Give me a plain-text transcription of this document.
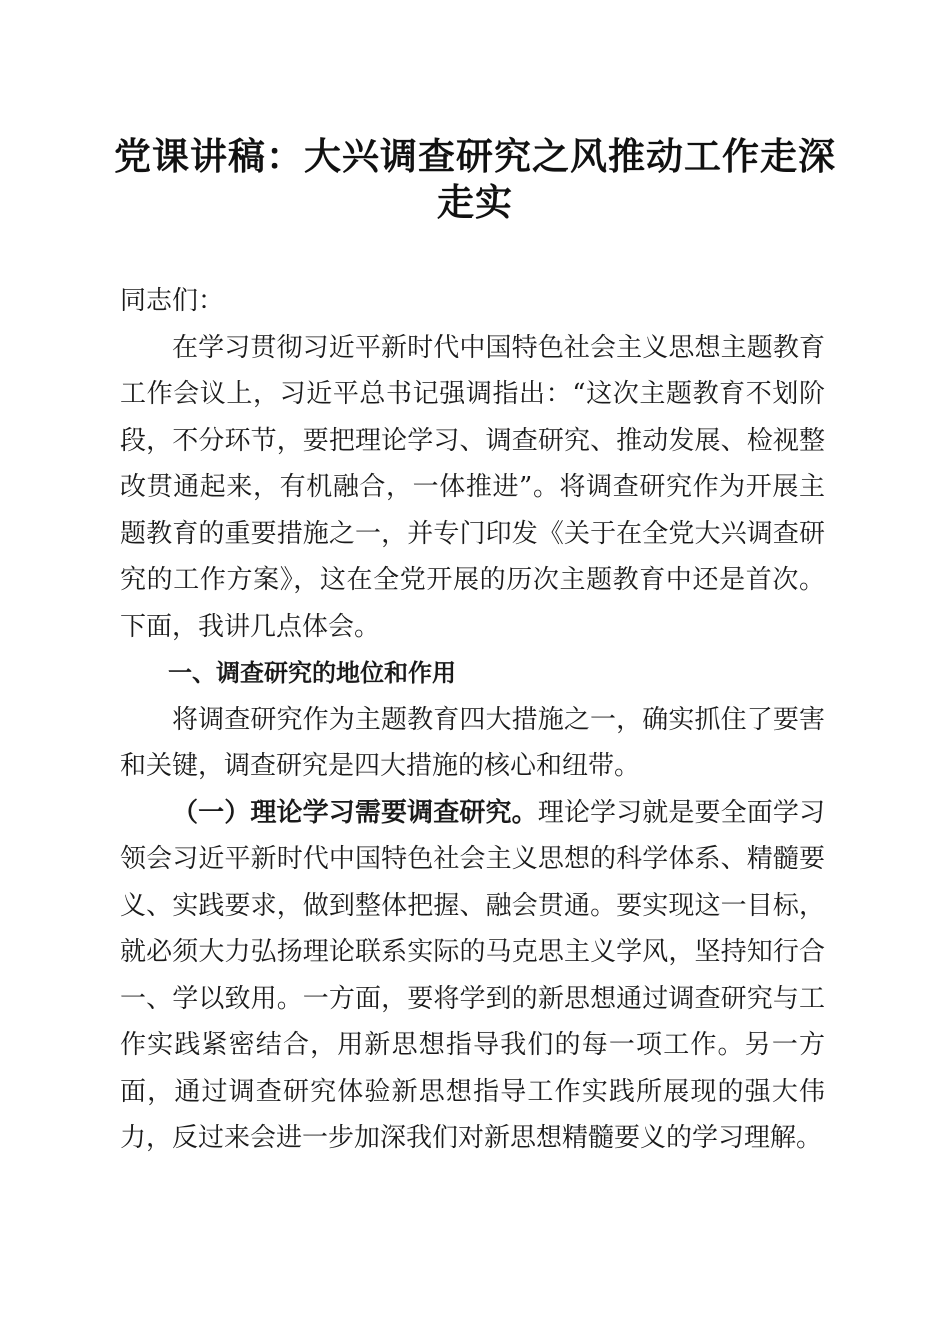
党课讲稿：大兴调查研究之风推动工作走深走实

同志们：

在学习贯彻习近平新时代中国特色社会主义思想主题教育工作会议上，习近平总书记强调指出：“这次主题教育不划阶段，不分环节，要把理论学习、调查研究、推动发展、检视整改贯通起来，有机融合，一体推进”。将调查研究作为开展主题教育的重要措施之一，并专门印发《关于在全党大兴调查研究的工作方案》，这在全党开展的历次主题教育中还是首次。下面，我讲几点体会。

一、调查研究的地位和作用

将调查研究作为主题教育四大措施之一，确实抓住了要害和关键，调查研究是四大措施的核心和纽带。

（一）理论学习需要调查研究。理论学习就是要全面学习领会习近平新时代中国特色社会主义思想的科学体系、精髓要义、实践要求，做到整体把握、融会贯通。要实现这一目标，就必须大力弘扬理论联系实际的马克思主义学风，坚持知行合一、学以致用。一方面，要将学到的新思想通过调查研究与工作实践紧密结合，用新思想指导我们的每一项工作。另一方面，通过调查研究体验新思想指导工作实践所展现的强大伟力，反过来会进一步加深我们对新思想精髓要义的学习理解。
